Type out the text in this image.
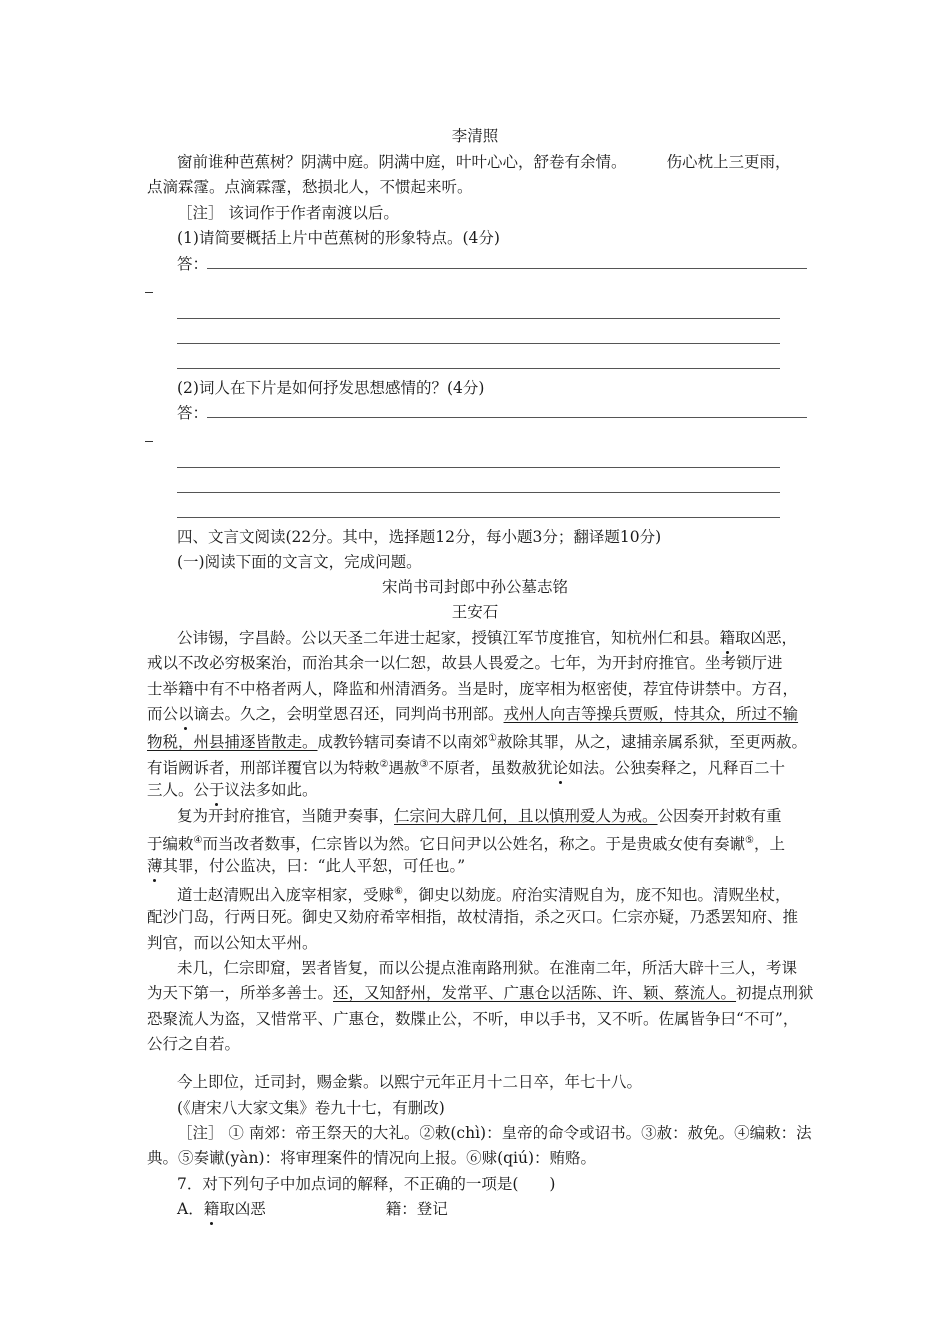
李清照
窗前谁种芭蕉树？阴满中庭。阴满中庭，叶叶心心，舒卷有余情。	伤心枕上三更雨，
点滴霖霪。点滴霖霪，愁损北人，不惯起来听。
［注］ 该词作于作者南渡以后。
(1)请简要概括上片中芭蕉树的形象特点。(4分)
答：
(2)词人在下片是如何抒发思想感情的？(4分)
答：
四、文言文阅读(22分。其中，选择题12分，每小题3分；翻译题10分)
(一)阅读下面的文言文，完成问题。
宋尚书司封郎中孙公墓志铭
王安石
公讳锡，字昌龄。公以天圣二年进士起家，授镇江军节度推官，知杭州仁和县。籍取凶恶，
戒以不改必穷极案治，而治其余一以仁恕，故县人畏爱之。七年，为开封府推官。坐考锁厅进
士举籍中有不中格者两人，降监和州清酒务。当是时，庞宰相为枢密使，荐宜侍讲禁中。方召，
而公以谪去。久之，会明堂恩召还，同判尚书刑部。戎州人向吉等操兵贾贩，恃其众，所过不输
物税，州县捕逐皆散走。成教钤辖司奏请不以南郊①赦除其罪，从之，逮捕亲属系狱，至更两赦。
有诣阙诉者，刑部详覆官以为特敕②遇赦③不原者，虽数赦犹论如法。公独奏释之，凡释百二十
三人。公于议法多如此。
复为开封府推官，当随尹奏事，仁宗问大辟几何，且以慎刑爱人为戒。公因奏开封敕有重
于编敕④而当改者数事，仁宗皆以为然。它日问尹以公姓名，称之。于是贵戚女使有奏谳⑤，上
薄其罪，付公监决，曰：“此人平恕，可任也。”
道士赵清贶出入庞宰相家，受赇⑥，御史以劾庞。府治实清贶自为，庞不知也。清贶坐杖，
配沙门岛，行两日死。御史又劾府希宰相指，故杖清指，杀之灭口。仁宗亦疑，乃悉罢知府、推
判官，而以公知太平州。
未几，仁宗即窟，罢者皆复，而以公提点淮南路刑狱。在淮南二年，所活大辟十三人，考课
为天下第一，所举多善士。还，又知舒州，发常平、广惠仓以活陈、许、颖、蔡流人。初提点刑狱
恐聚流人为盗，又惜常平、广惠仓，数牒止公，不听，申以手书，又不听。佐属皆争曰“不可”，
公行之自若。
今上即位，迁司封，赐金紫。以熙宁元年正月十二日卒，年七十八。
(《唐宋八大家文集》卷九十七，有删改)
［注］ ① 南郊：帝王祭天的大礼。②敕(chì)：皇帝的命令或诏书。③赦：赦免。④编敕：法
典。⑤奏谳(yàn)：将审理案件的情况向上报。⑥赇(qiú)：贿赂。
7．对下列句子中加点词的解释，不正确的一项是(　　)
A．籍取凶恶	籍：登记
